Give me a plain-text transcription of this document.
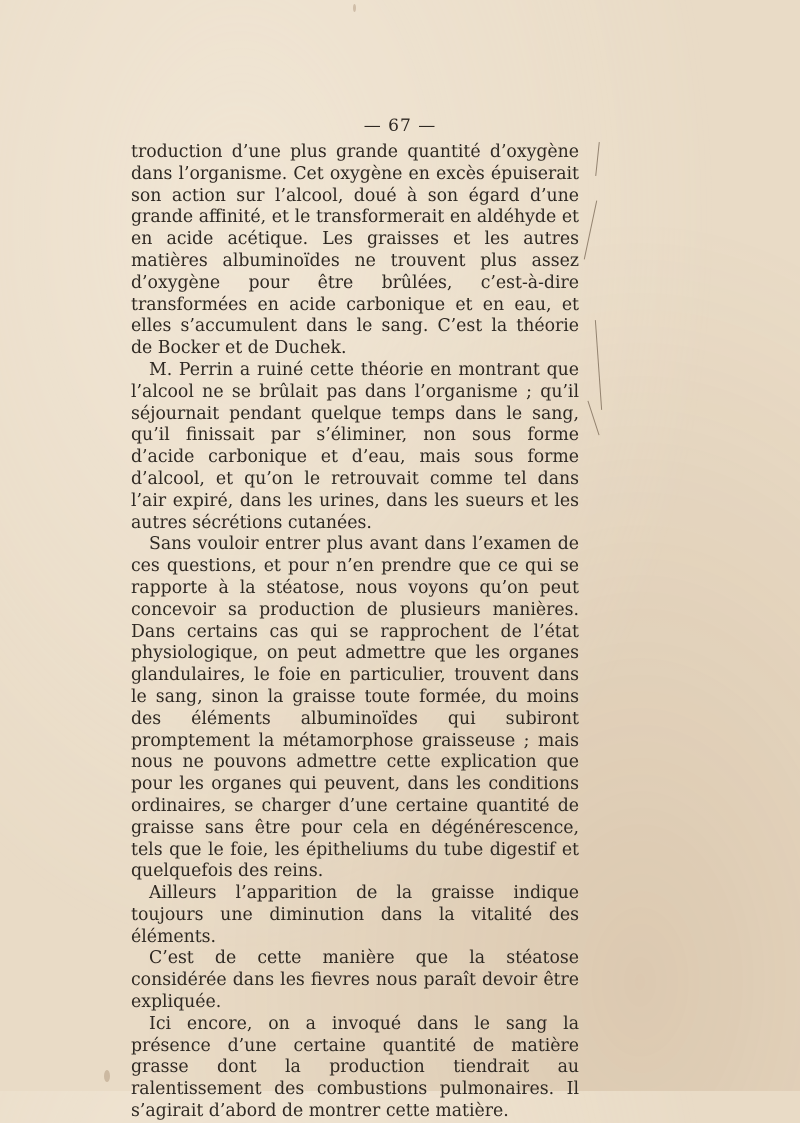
— 67 —

troduction d’une plus grande quantité d’oxygène dans l’organisme. Cet oxygène en excès épuiserait son action sur l’alcool, doué à son égard d’une grande affinité, et le transformerait en aldéhyde et en acide acétique. Les graisses et les autres matières albuminoïdes ne trouvent plus assez d’oxygène pour être brûlées, c’est-à-dire transformées en acide carbonique et en eau, et elles s’accumulent dans le sang. C’est la théorie de Bocker et de Duchek.

M. Perrin a ruiné cette théorie en montrant que l’alcool ne se brûlait pas dans l’organisme ; qu’il séjournait pendant quelque temps dans le sang, qu’il finissait par s’éliminer, non sous forme d’acide carbonique et d’eau, mais sous forme d’alcool, et qu’on le retrouvait comme tel dans l’air expiré, dans les urines, dans les sueurs et les autres sécrétions cutanées.

Sans vouloir entrer plus avant dans l’examen de ces questions, et pour n’en prendre que ce qui se rapporte à la stéatose, nous voyons qu’on peut concevoir sa production de plusieurs manières. Dans certains cas qui se rapprochent de l’état physiologique, on peut admettre que les organes glandulaires, le foie en particulier, trouvent dans le sang, sinon la graisse toute formée, du moins des éléments albuminoïdes qui subiront promptement la métamorphose graisseuse ; mais nous ne pouvons admettre cette explication que pour les organes qui peuvent, dans les conditions ordinaires, se charger d’une certaine quantité de graisse sans être pour cela en dégénérescence, tels que le foie, les épitheliums du tube digestif et quelquefois des reins.

Ailleurs l’apparition de la graisse indique toujours une diminution dans la vitalité des éléments.

C’est de cette manière que la stéatose considérée dans les fievres nous paraît devoir être expliquée.

Ici encore, on a invoqué dans le sang la présence d’une certaine quantité de matière grasse dont la production tiendrait au ralentissement des combustions pulmonaires. Il s’agirait d’abord de montrer cette matière.
